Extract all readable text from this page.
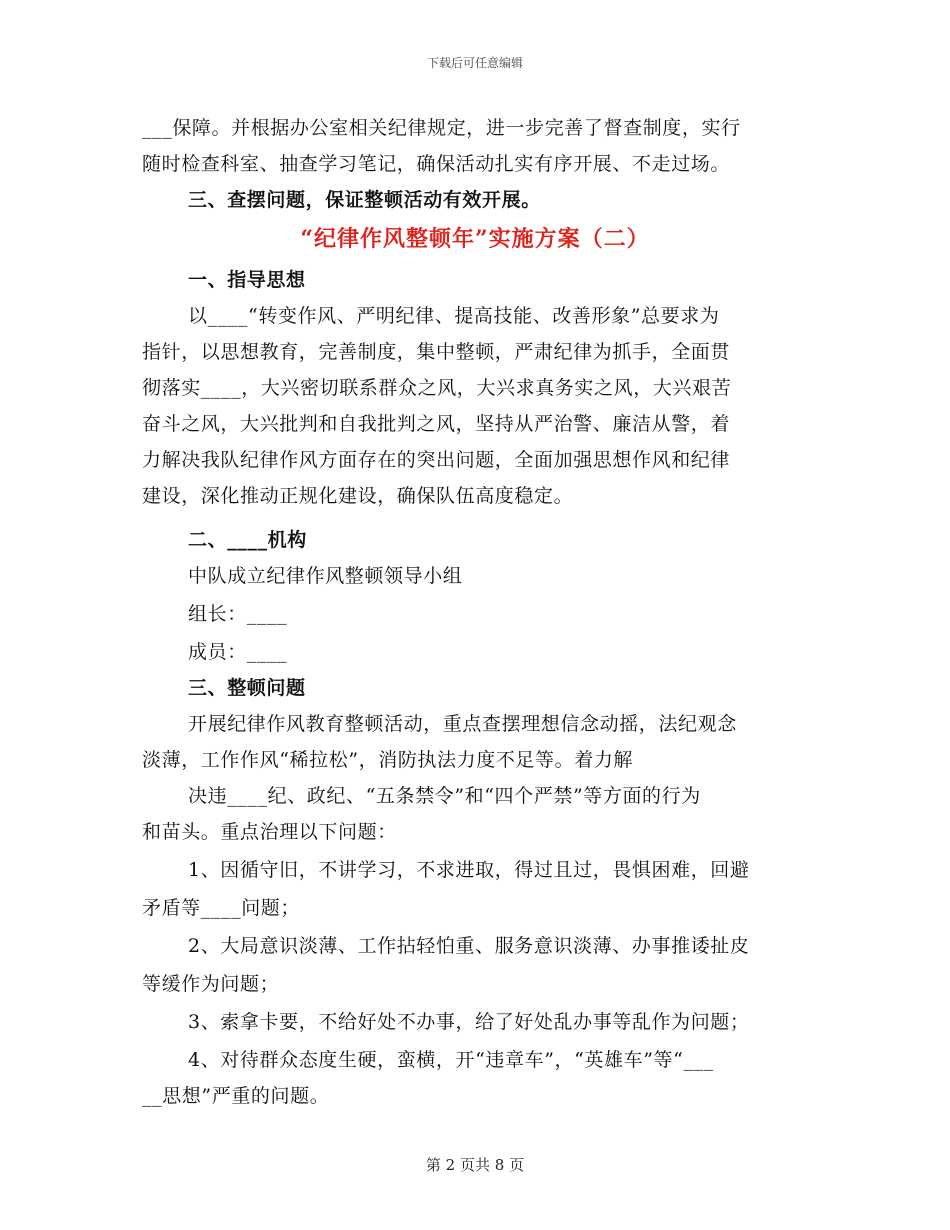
下载后可任意编辑
___保障。并根据办公室相关纪律规定，进一步完善了督查制度，实行
随时检查科室、抽查学习笔记，确保活动扎实有序开展、不走过场。
三、查摆问题，保证整顿活动有效开展。
“纪律作风整顿年”实施方案（二）
一、指导思想
以____“转变作风、严明纪律、提高技能、改善形象”总要求为
指针，以思想教育，完善制度，集中整顿，严肃纪律为抓手，全面贯
彻落实____，大兴密切联系群众之风，大兴求真务实之风，大兴艰苦
奋斗之风，大兴批判和自我批判之风，坚持从严治警、廉洁从警，着
力解决我队纪律作风方面存在的突出问题，全面加强思想作风和纪律
建设，深化推动正规化建设，确保队伍高度稳定。
二、____机构
中队成立纪律作风整顿领导小组
组长：____
成员：____
三、整顿问题
开展纪律作风教育整顿活动，重点查摆理想信念动摇，法纪观念
淡薄，工作作风“稀拉松”，消防执法力度不足等。着力解
决违____纪、政纪、“五条禁令”和“四个严禁”等方面的行为
和苗头。重点治理以下问题：
1、因循守旧，不讲学习，不求进取，得过且过，畏惧困难，回避
矛盾等____问题；
2、大局意识淡薄、工作拈轻怕重、服务意识淡薄、办事推诿扯皮
等缓作为问题；
3、索拿卡要，不给好处不办事，给了好处乱办事等乱作为问题；
4、对待群众态度生硬，蛮横，开“违章车”，“英雄车”等“___
__思想”严重的问题。
第 2 页共 8 页
